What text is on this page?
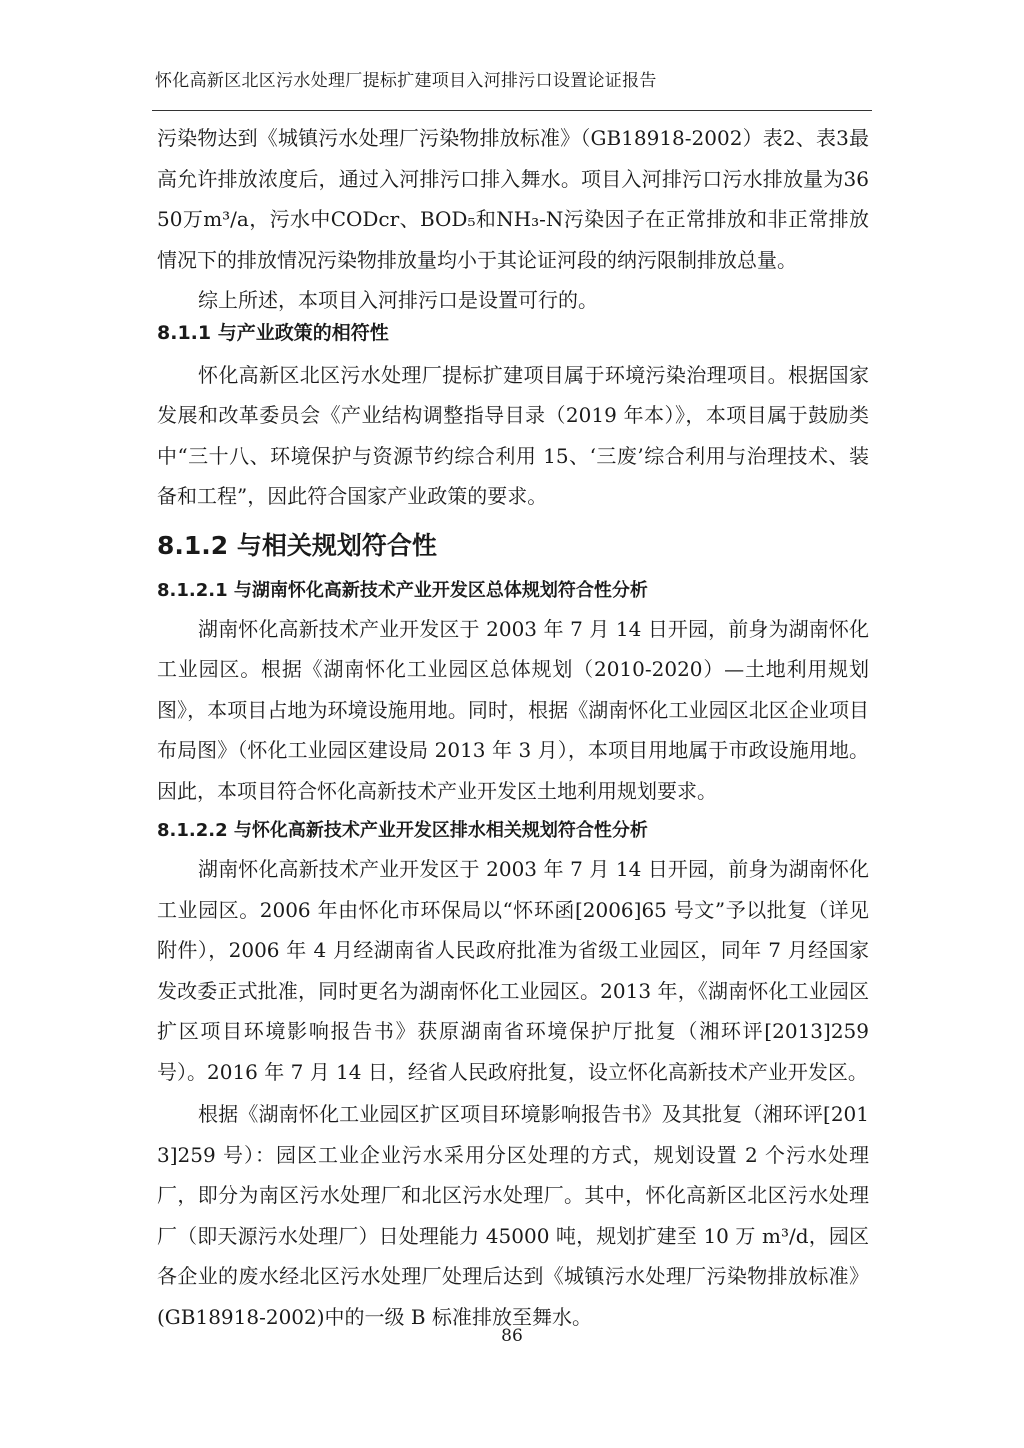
怀化高新区北区污水处理厂提标扩建项目入河排污口设置论证报告

污染物达到《城镇污水处理厂污染物排放标准》（GB18918-2002）表2、表3最高允许排放浓度后，通过入河排污口排入舞水。项目入河排污口污水排放量为3650万m³/a，污水中CODcr、BOD₅和NH₃-N污染因子在正常排放和非正常排放情况下的排放情况污染物排放量均小于其论证河段的纳污限制排放总量。

综上所述，本项目入河排污口是设置可行的。

8.1.1 与产业政策的相符性

怀化高新区北区污水处理厂提标扩建项目属于环境污染治理项目。根据国家发展和改革委员会《产业结构调整指导目录（2019 年本）》，本项目属于鼓励类中“三十八、环境保护与资源节约综合利用 15、‘三废’综合利用与治理技术、装备和工程”，因此符合国家产业政策的要求。

8.1.2 与相关规划符合性
8.1.2.1 与湖南怀化高新技术产业开发区总体规划符合性分析

湖南怀化高新技术产业开发区于 2003 年 7 月 14 日开园，前身为湖南怀化工业园区。根据《湖南怀化工业园区总体规划（2010-2020）—土地利用规划图》，本项目占地为环境设施用地。同时，根据《湖南怀化工业园区北区企业项目布局图》（怀化工业园区建设局 2013 年 3 月），本项目用地属于市政设施用地。因此，本项目符合怀化高新技术产业开发区土地利用规划要求。

8.1.2.2 与怀化高新技术产业开发区排水相关规划符合性分析

湖南怀化高新技术产业开发区于 2003 年 7 月 14 日开园，前身为湖南怀化工业园区。2006 年由怀化市环保局以“怀环函[2006]65 号文”予以批复（详见附件），2006 年 4 月经湖南省人民政府批准为省级工业园区，同年 7 月经国家发改委正式批准，同时更名为湖南怀化工业园区。2013 年，《湖南怀化工业园区扩区项目环境影响报告书》获原湖南省环境保护厅批复（湘环评[2013]259 号）。2016 年 7 月 14 日，经省人民政府批复，设立怀化高新技术产业开发区。

根据《湖南怀化工业园区扩区项目环境影响报告书》及其批复（湘环评[2013]259 号）：园区工业企业污水采用分区处理的方式，规划设置 2 个污水处理厂，即分为南区污水处理厂和北区污水处理厂。其中，怀化高新区北区污水处理厂（即天源污水处理厂）日处理能力 45000 吨，规划扩建至 10 万 m³/d，园区各企业的废水经北区污水处理厂处理后达到《城镇污水处理厂污染物排放标准》(GB18918-2002)中的一级 B 标准排放至舞水。

86
